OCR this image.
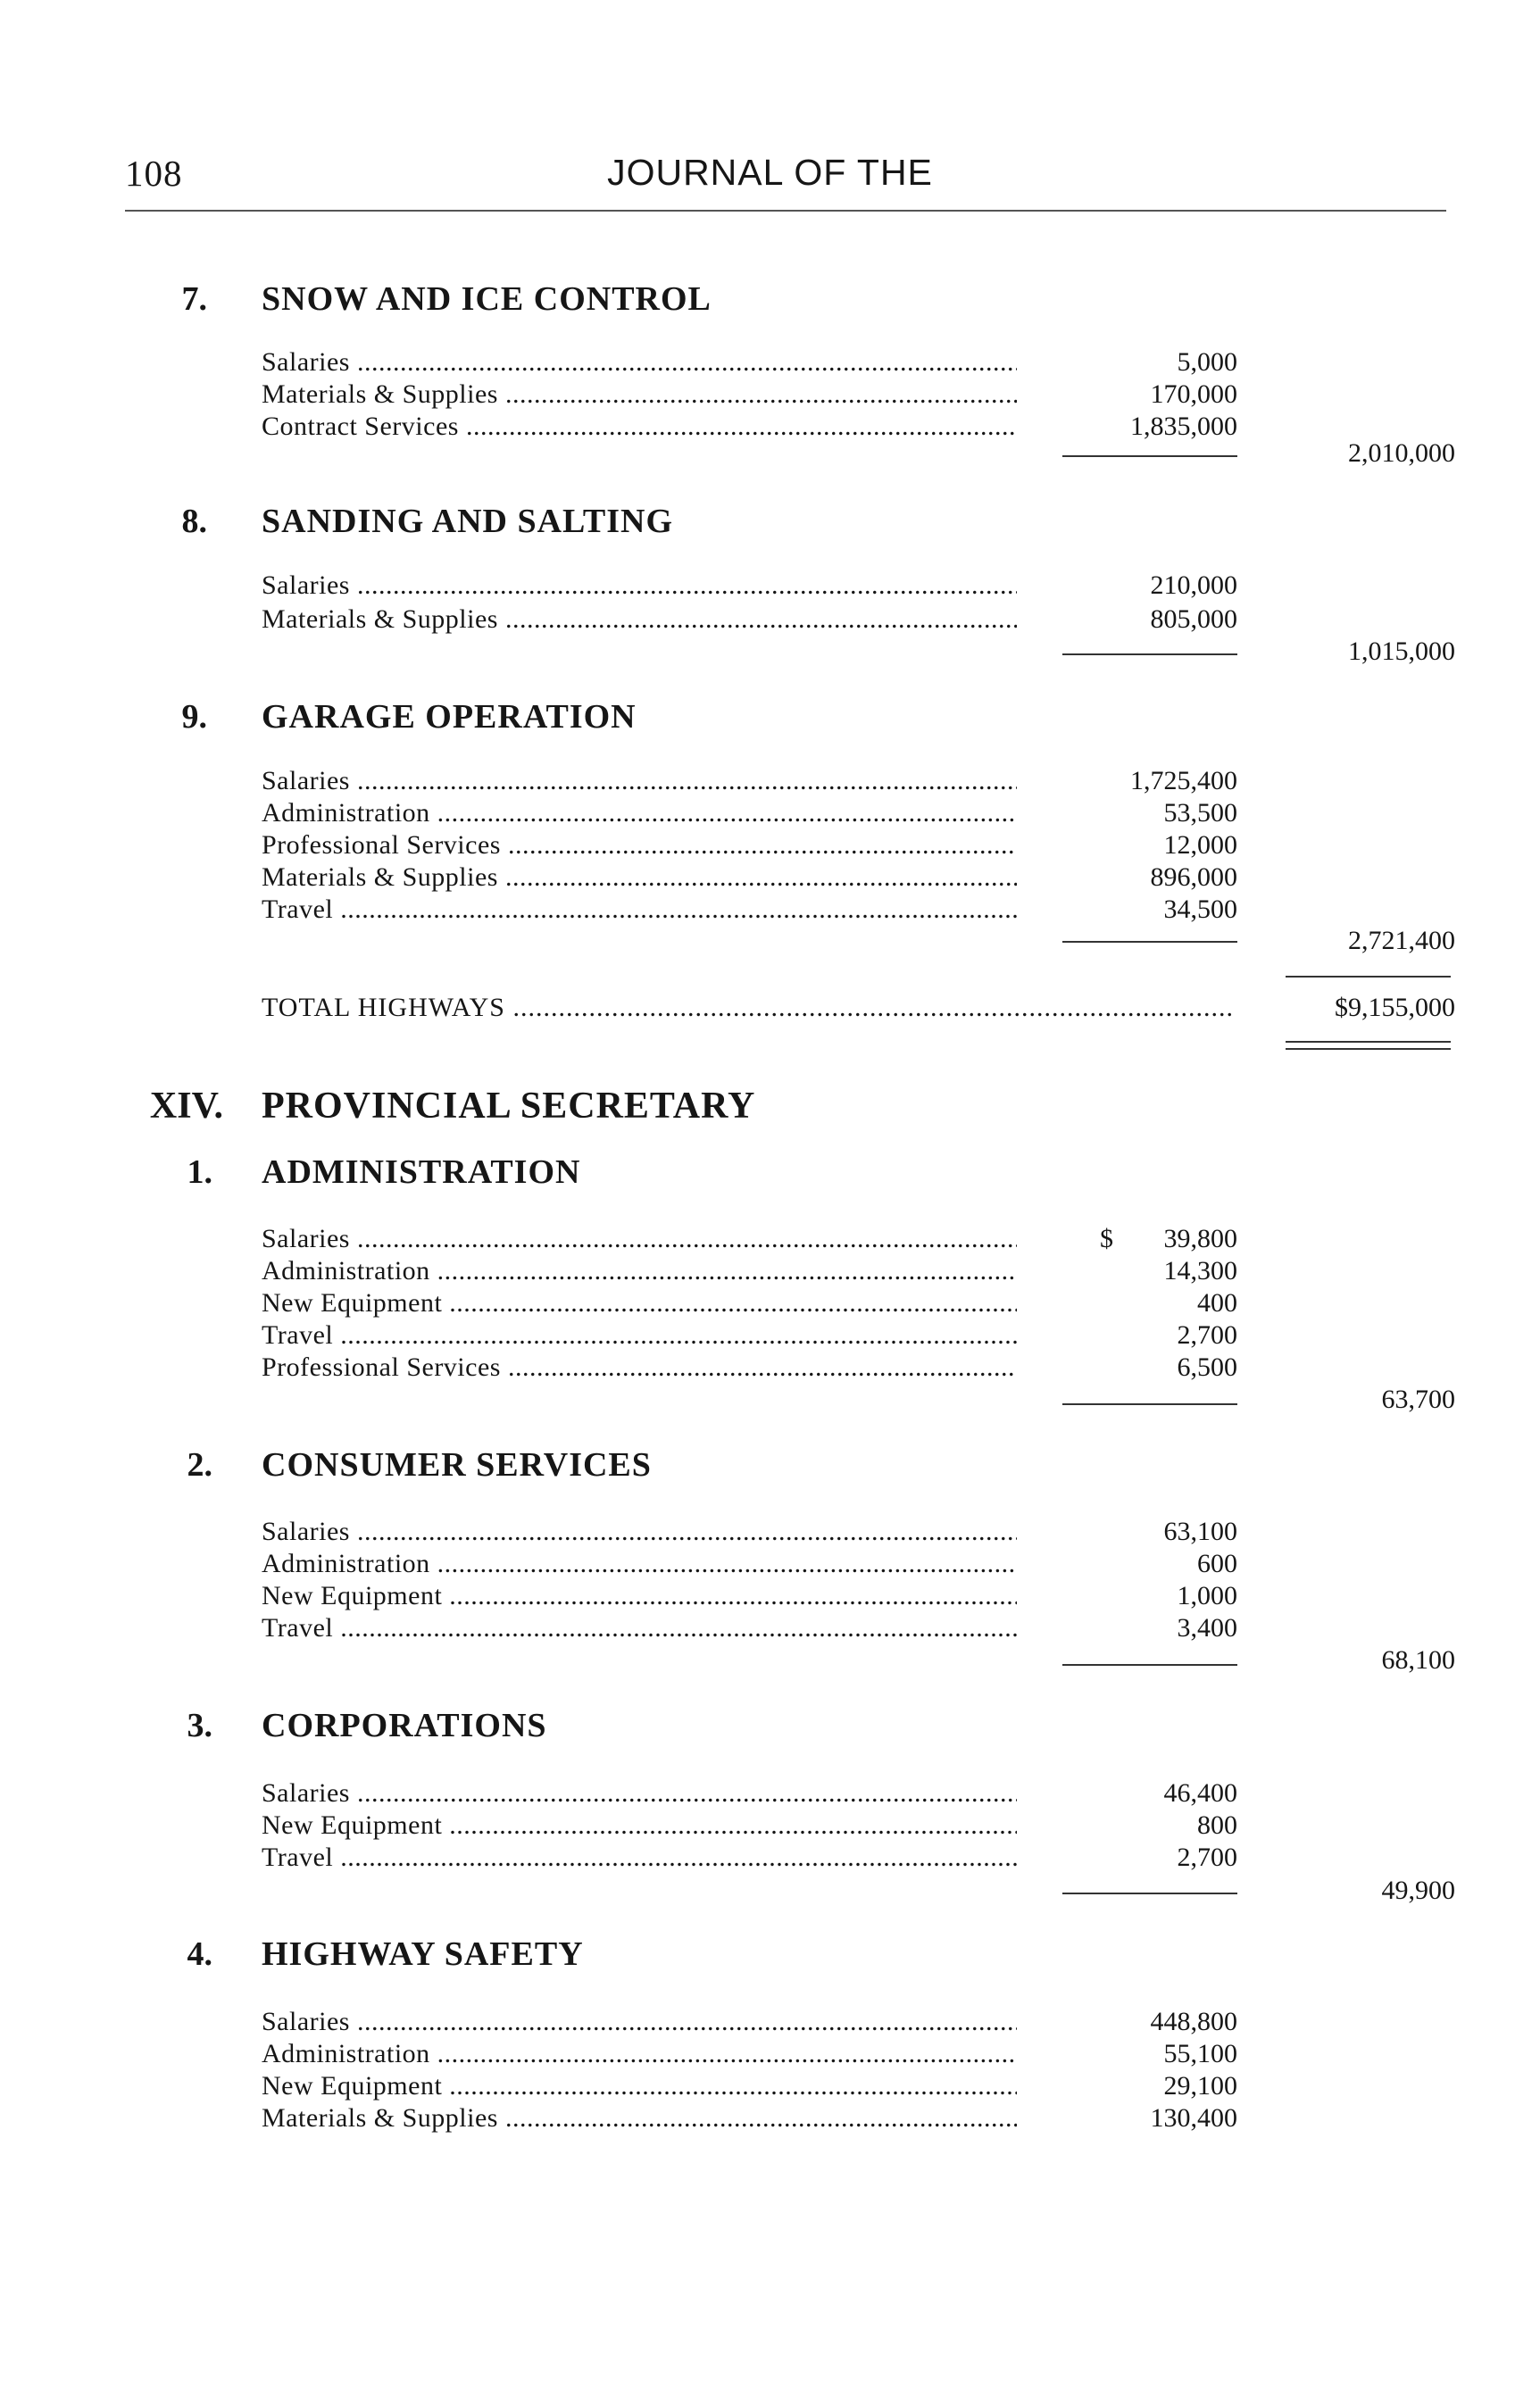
108	JOURNAL OF THE
7. SNOW AND ICE CONTROL
Salaries .....	5,000
Materials & Supplies .....	170,000
Contract Services .....	1,835,000
2,010,000
8. SANDING AND SALTING
Salaries .....	210,000
Materials & Supplies .....	805,000
1,015,000
9. GARAGE OPERATION
Salaries .....	1,725,400
Administration .....	53,500
Professional Services .....	12,000
Materials & Supplies .....	896,000
Travel .....	34,500
2,721,400
TOTAL HIGHWAYS .....	$9,155,000
XIV. PROVINCIAL SECRETARY
1. ADMINISTRATION
$
Salaries .....	39,800
Administration .....	14,300
New Equipment .....	400
Travel .....	2,700
Professional Services .....	6,500
63,700
2. CONSUMER SERVICES
Salaries .....	63,100
Administration .....	600
New Equipment .....	1,000
Travel .....	3,400
68,100
3. CORPORATIONS
Salaries .....	46,400
New Equipment .....	800
Travel .....	2,700
49,900
4. HIGHWAY SAFETY
Salaries .....	448,800
Administration .....	55,100
New Equipment .....	29,100
Materials & Supplies .....	130,400
